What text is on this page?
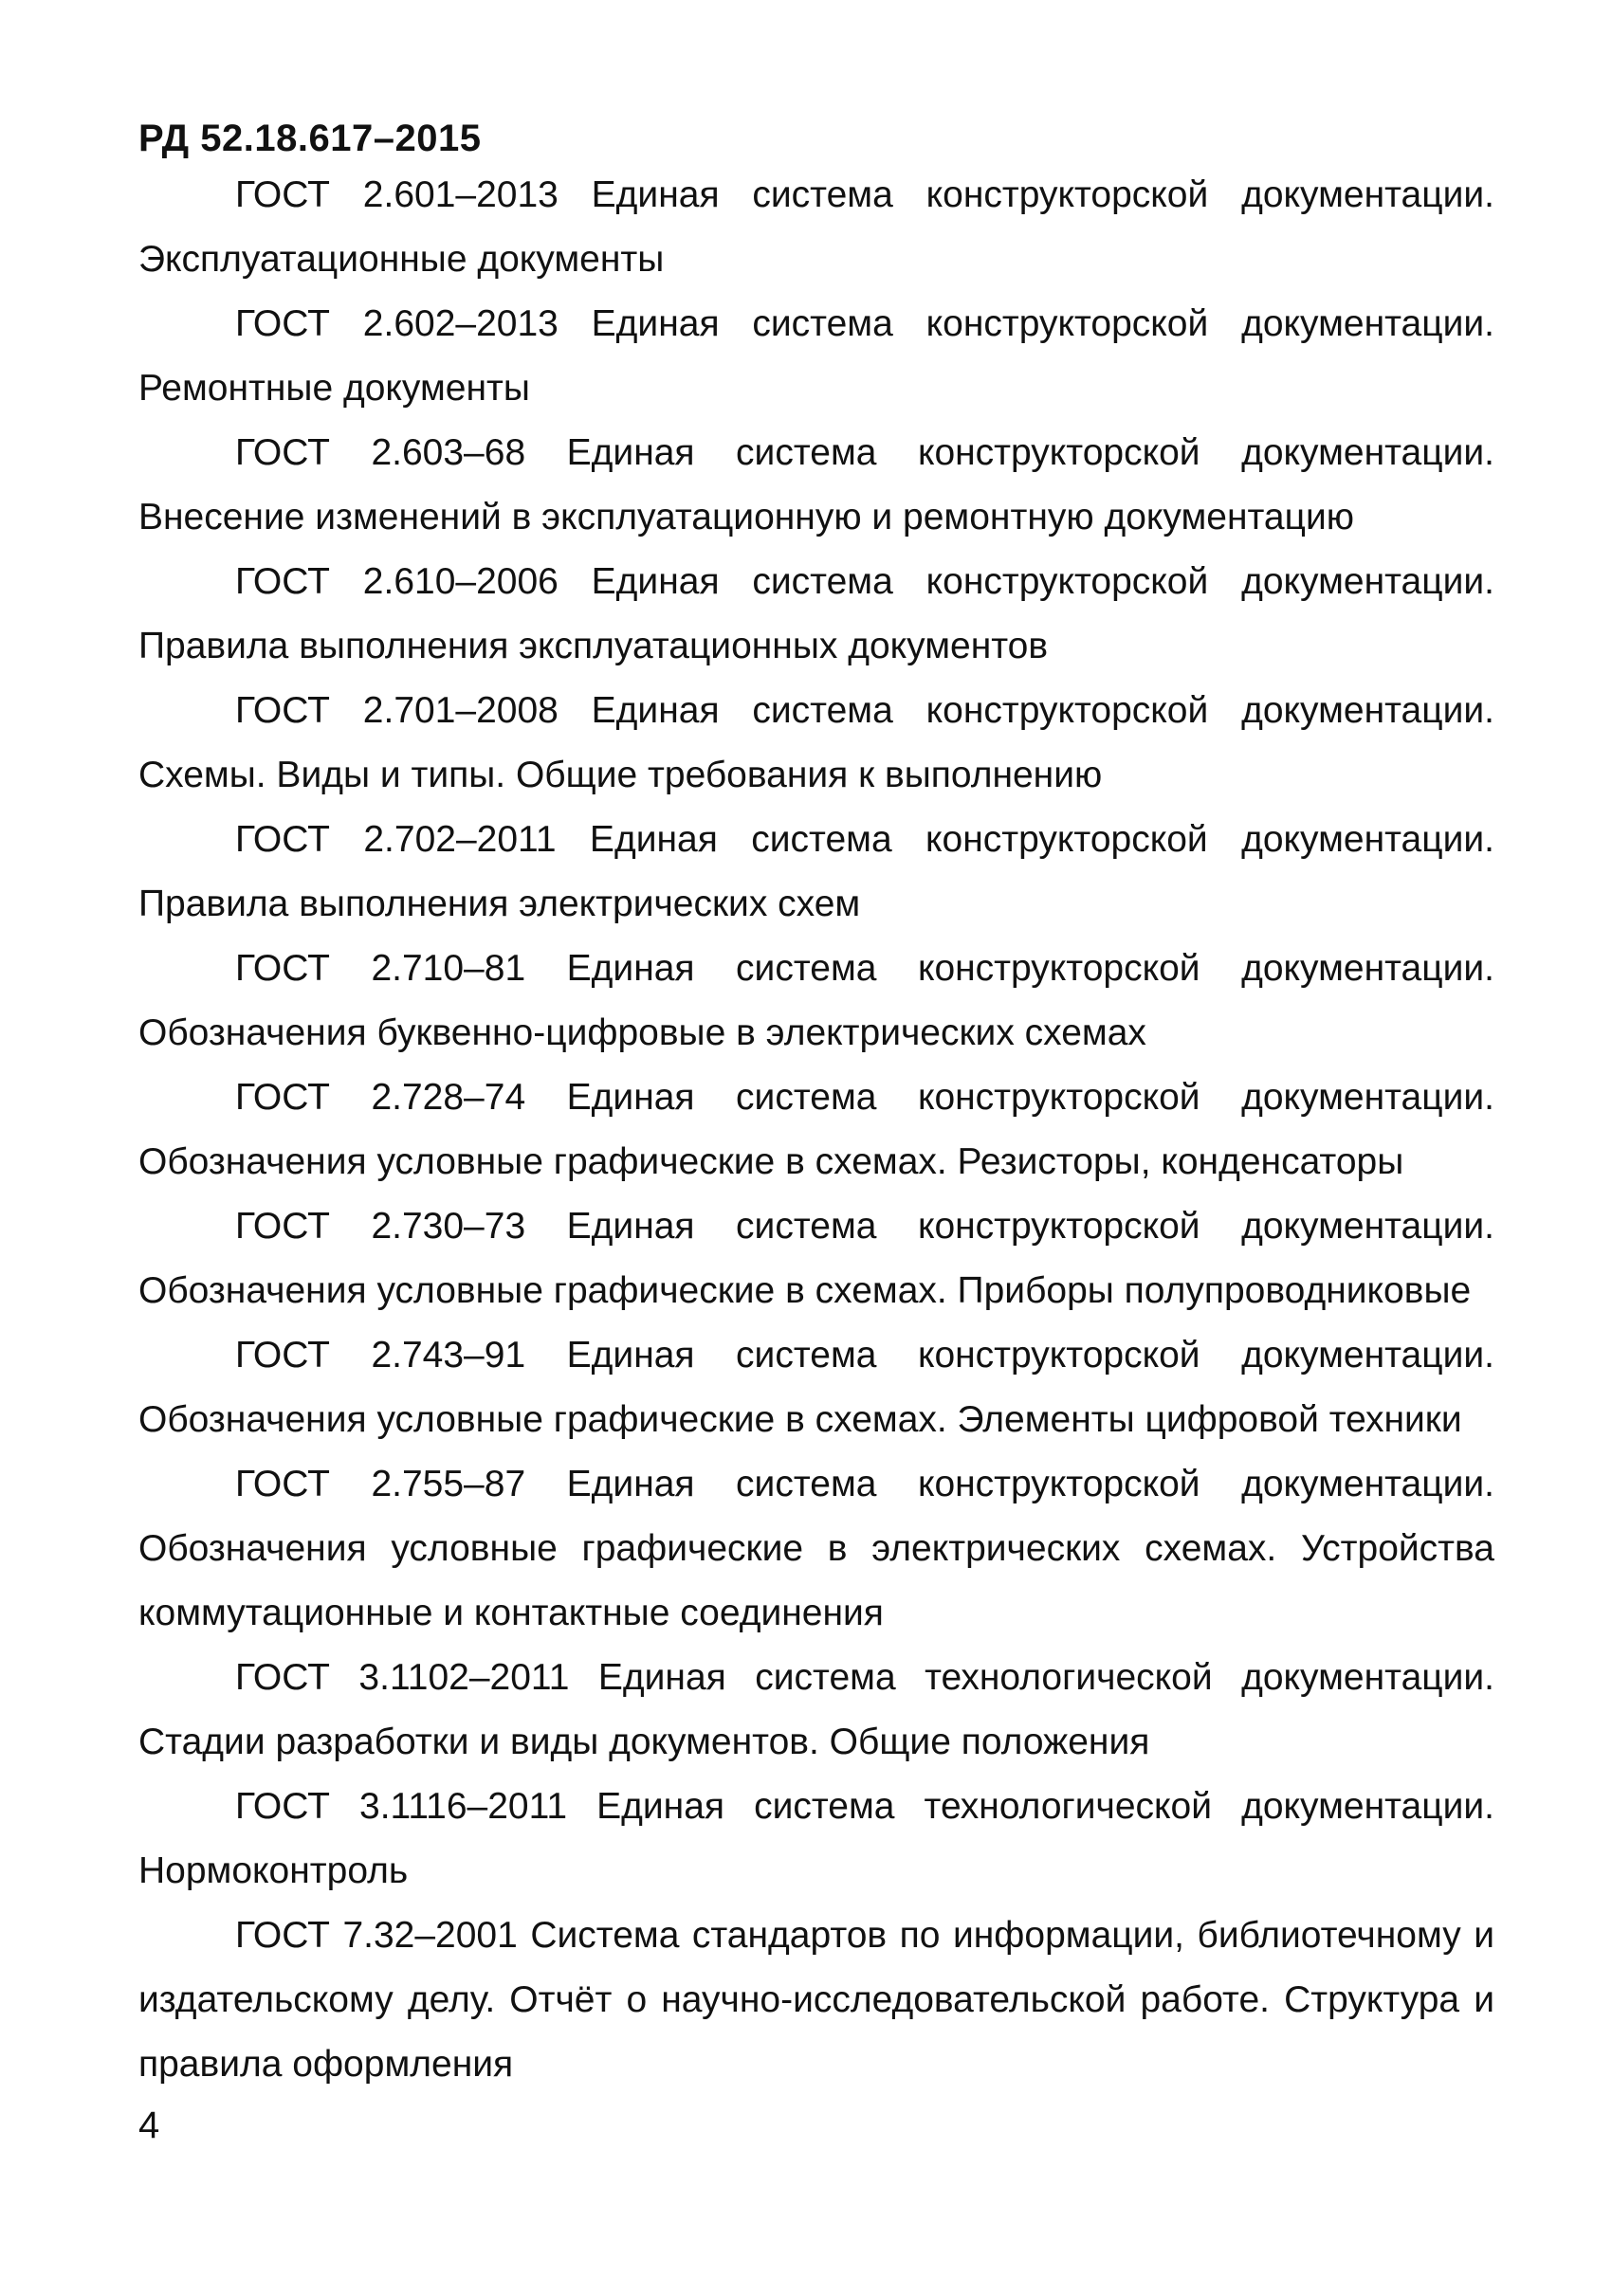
РД 52.18.617–2015

ГОСТ 2.601–2013 Единая система конструкторской документации. Эксплуатационные документы

ГОСТ 2.602–2013 Единая система конструкторской документации. Ремонтные документы

ГОСТ 2.603–68 Единая система конструкторской документации. Внесение изменений в эксплуатационную и ремонтную документацию

ГОСТ 2.610–2006 Единая система конструкторской документации. Правила выполнения эксплуатационных документов

ГОСТ 2.701–2008 Единая система конструкторской документации. Схемы. Виды и типы. Общие требования к выполнению

ГОСТ 2.702–2011 Единая система конструкторской документации. Правила выполнения электрических схем

ГОСТ 2.710–81 Единая система конструкторской документации. Обозначения буквенно-цифровые в электрических схемах

ГОСТ 2.728–74 Единая система конструкторской документации. Обозначения условные графические в схемах. Резисторы, конденсаторы

ГОСТ 2.730–73 Единая система конструкторской документации. Обозначения условные графические в схемах. Приборы полупроводниковые

ГОСТ 2.743–91 Единая система конструкторской документации. Обозначения условные графические в схемах. Элементы цифровой техники

ГОСТ 2.755–87 Единая система конструкторской документации. Обозначения условные графические в электрических схемах. Устройства коммутационные и контактные соединения

ГОСТ 3.1102–2011 Единая система технологической документации. Стадии разработки и виды документов. Общие положения

ГОСТ 3.1116–2011 Единая система технологической документации. Нормоконтроль

ГОСТ 7.32–2001 Система стандартов по информации, библиотечному и издательскому делу. Отчёт о научно-исследовательской работе. Структура и правила оформления

4
